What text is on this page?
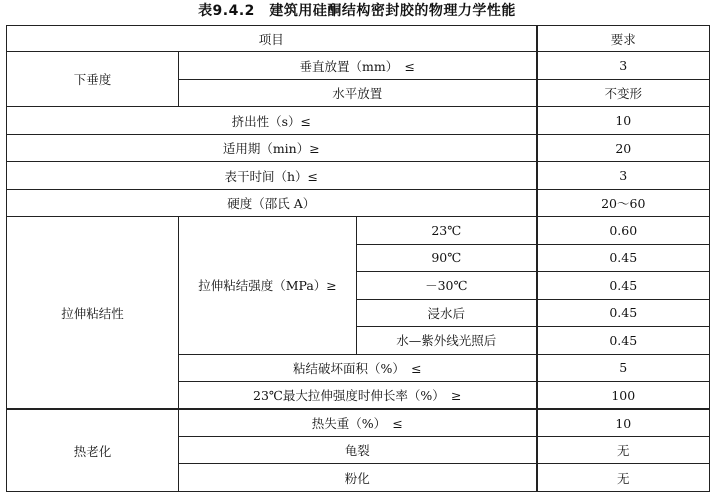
表9.4.2　建筑用硅酮结构密封胶的物理力学性能
项目			要求
下垂度	垂直放置（mm）　≤		3
	水平放置		不变形
挤出性（s）≤			10
适用期（min）≥			20
表干时间（h）≤			3
硬度（邵氏 A）			20～60
拉伸粘结性	拉伸粘结强度（MPa）≥	23℃	0.60
		90℃	0.45
		－30℃	0.45
		浸水后	0.45
		水—紫外线光照后	0.45
	粘结破坏面积（%）　≤		5
	23℃最大拉伸强度时伸长率（%）　≥		100
热老化	热失重（%）　≤		10
	龟裂		无
	粉化		无
